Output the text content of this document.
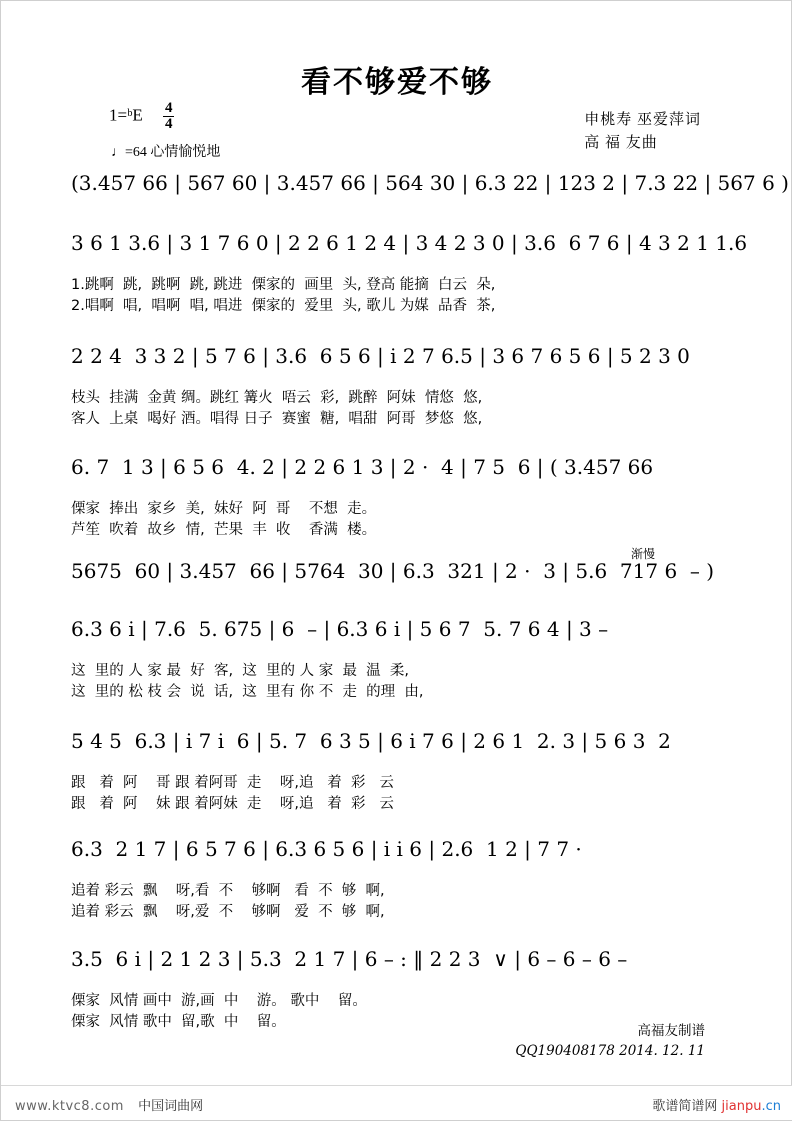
看不够爱不够
1=ᵇE $\frac{4}{4}$
♩=64 心情愉悦地
申桃寿 巫爱萍词
高 福 友曲
(3.457 66 | 567 60 | 3.457 66 | 564 30 | 6.3 22 | 123 2 | 7.3 22 | 567 6 )
3 6 1 3.6 | 3 1 7 6 0 | 2 2 6 1 2 4 | 3 4 2 3 0 | 3.6  6 7 6 | 4 3 2 1 1.6
1.跳啊  跳,  跳啊  跳, 跳进  傈家的  画里  头, 登高 能摘  白云  朵,
2.唱啊  唱,  唱啊  唱, 唱进  傈家的  爱里  头, 歌儿 为媒  品香  茶,
2 2 4  3 3 2 | 5 7 6 | 3.6  6 5 6 | i 2 7 6.5 | 3 6 7 6 5 6 | 5 2 3 0
枝头  挂满  金黄 绸。跳红 篝火  唔云  彩,  跳醉  阿妹  情悠  悠,
客人  上桌  喝好 酒。唱得 日子  赛蜜  糖,  唱甜  阿哥  梦悠  悠,
6. 7  1 3 | 6 5 6  4. 2 | 2 2 6 1 3 | 2 ·  4 | 7 5  6 | ( 3.457 66
傈家  捧出  家乡  美,  妹好  阿  哥    不想  走。
芦笙  吹着  故乡  情,  芒果  丰  收    香满  楼。
渐慢
5675  60 | 3.457  66 | 5764  30 | 6.3  321 | 2 ·  3 | 5.6  717 6  – )
6.3 6 i | 7.6  5. 675 | 6  – | 6.3 6 i | 5 6 7  5. 7 6 4 | 3 –
这  里的 人 家 最  好  客,  这  里的 人 家  最  温  柔,
这  里的 松 枝 会  说  话,  这  里有 你 不  走  的理  由,
5 4 5  6.3 | i 7 i  6 | 5. 7  6 3 5 | 6 i 7 6 | 2 6 1  2. 3 | 5 6 3  2
跟   着  阿    哥 跟 着阿哥  走    呀,追   着  彩   云
跟   着  阿    妹 跟 着阿妹  走    呀,追   着  彩   云
6.3  2 1 7 | 6 5 7 6 | 6.3 6 5 6 | i i 6 | 2.6  1 2 | 7 7 ·
追着 彩云  飘    呀,看  不    够啊   看  不  够  啊,
追着 彩云  飘    呀,爱  不    够啊   爱  不  够  啊,
3.5  6 i | 2 1 2 3 | 5.3  2 1 7 | 6 – : ‖ 2 2 3  ∨ | 6 – 6 – 6 –
傈家  风情 画中  游,画  中    游。 歌中    留。
傈家  风情 歌中  留,歌  中    留。
高福友制谱
QQ190408178 2014. 12. 11
www.ktvc8.com 中国词曲网	歌谱简谱网 jianpu.cn
